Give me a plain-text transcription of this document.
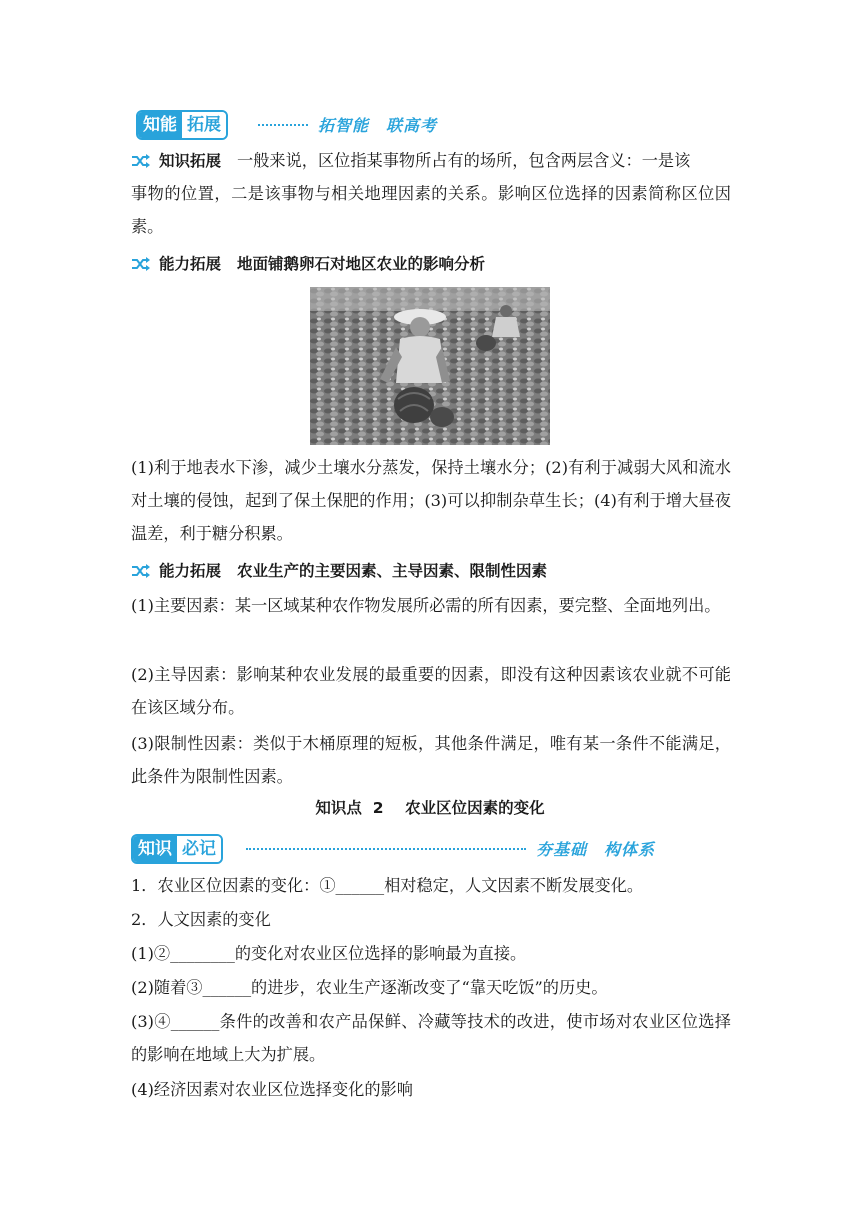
知能 拓展	拓智能　联高考
知识拓展 一般来说，区位指某事物所占有的场所，包含两层含义：一是该

事物的位置，二是该事物与相关地理因素的关系。影响区位选择的因素简称区位因素。

能力拓展 地面铺鹅卵石对地区农业的影响分析

(1)利于地表水下渗，减少土壤水分蒸发，保持土壤水分；(2)有利于减弱大风和流水对土壤的侵蚀，起到了保土保肥的作用；(3)可以抑制杂草生长；(4)有利于增大昼夜温差，利于糖分积累。

能力拓展 农业生产的主要因素、主导因素、限制性因素

(1)主要因素：某一区域某种农作物发展所必需的所有因素，要完整、全面地列出。

(2)主导因素：影响某种农业发展的最重要的因素，即没有这种因素该农业就不可能在该区域分布。

(3)限制性因素：类似于木桶原理的短板，其他条件满足，唯有某一条件不能满足，此条件为限制性因素。

知识点  2    农业区位因素的变化
知识 必记	夯基础　构体系

1．农业区位因素的变化：①______相对稳定，人文因素不断发展变化。

2．人文因素的变化

(1)②________的变化对农业区位选择的影响最为直接。

(2)随着③______的进步，农业生产逐渐改变了“靠天吃饭”的历史。

(3)④______条件的改善和农产品保鲜、冷藏等技术的改进，使市场对农业区位选择的影响在地域上大为扩展。

(4)经济因素对农业区位选择变化的影响
